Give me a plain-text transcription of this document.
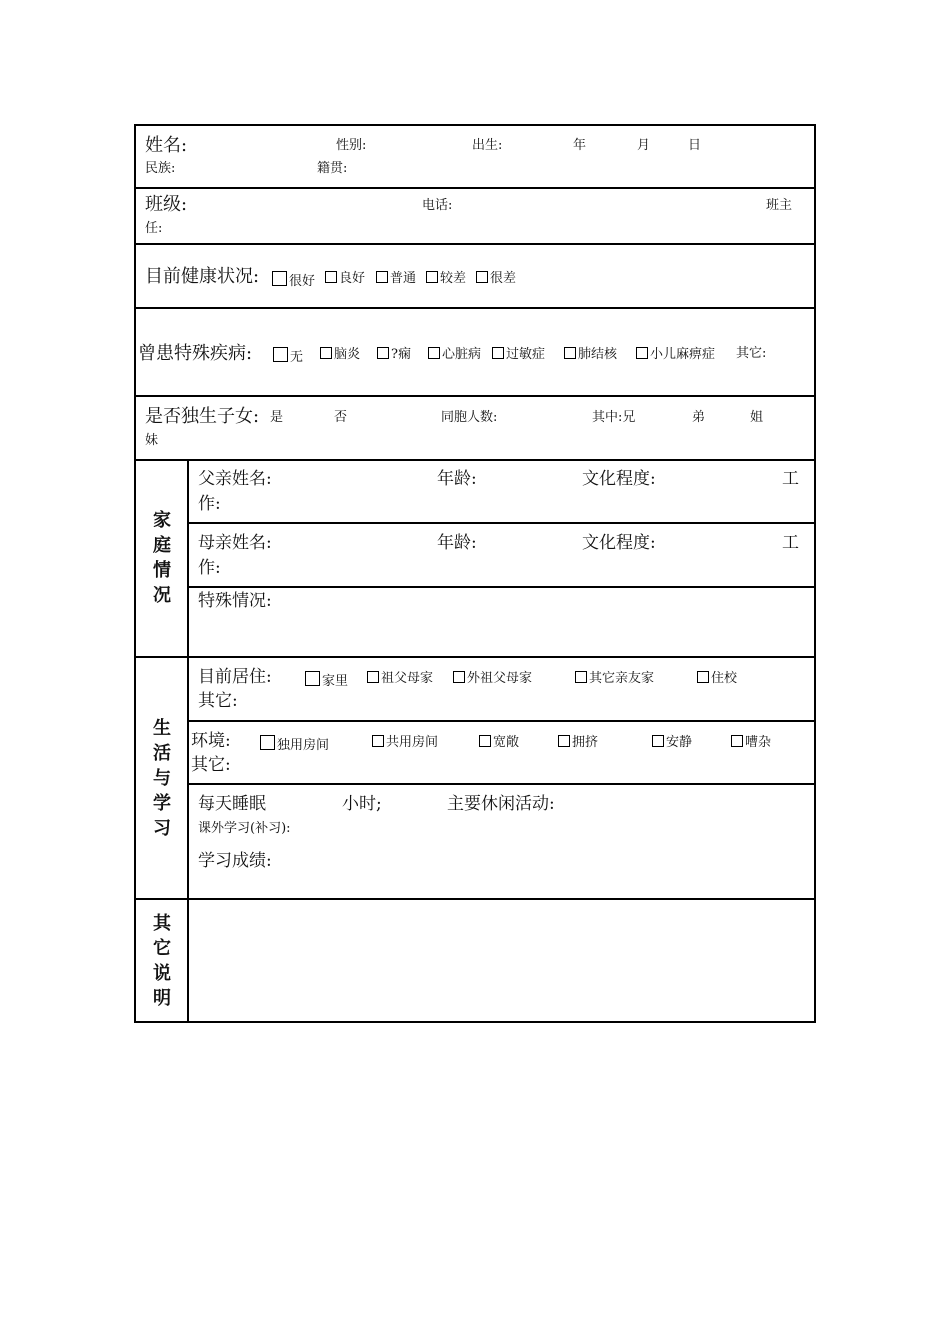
姓名:	性别:	出生:	年	月	日
民族:	籍贯:
班级:	电话:	班主
任:
目前健康状况:	很好	良好	普通	较差	很差
曾患特殊疾病:	无	脑炎	?痫	心脏病	过敏症	肺结核	小儿麻痹症 其它:
是否独生子女: 是	否	同胞人数:	其中:兄	弟	姐
妹
家
庭
情
况
父亲姓名:	年龄:	文化程度:	工
作:
母亲姓名:	年龄:	文化程度:	工
作:
特殊情况:
生
活
与
学
习
目前居住:	家里	祖父母家	外祖父母家	其它亲友家	住校
其它:
环境:	独用房间	共用房间	宽敞	拥挤	安静	嘈杂
其它:
每天睡眠	小时;	主要休闲活动:
课外学习(补习):
学习成绩:
其
它
说
明
